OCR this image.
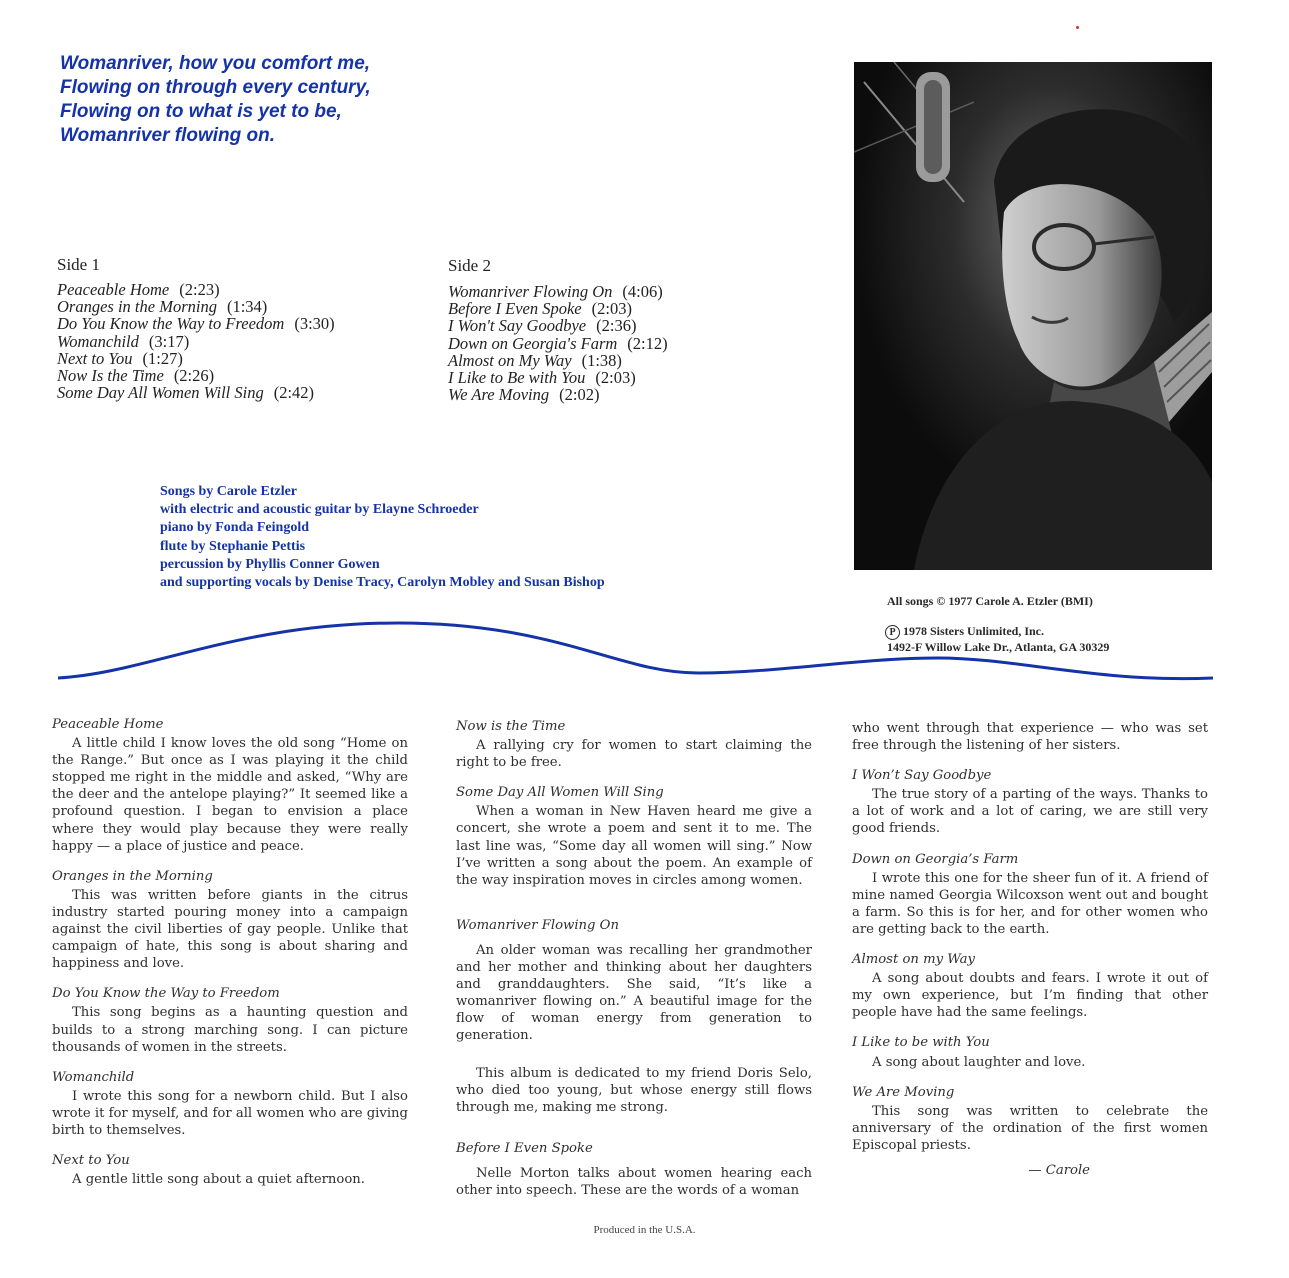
Womanriver, how you comfort me,
Flowing on through every century,
Flowing on to what is yet to be,
Womanriver flowing on.
Side 1
Peaceable Home (2:23)
Oranges in the Morning (1:34)
Do You Know the Way to Freedom (3:30)
Womanchild (3:17)
Next to You (1:27)
Now Is the Time (2:26)
Some Day All Women Will Sing (2:42)
Side 2
Womanriver Flowing On (4:06)
Before I Even Spoke (2:03)
I Won't Say Goodbye (2:36)
Down on Georgia's Farm (2:12)
Almost on My Way (1:38)
I Like to Be with You (2:03)
We Are Moving (2:02)
Songs by Carole Etzler
with electric and acoustic guitar by Elayne Schroeder
piano by Fonda Feingold
flute by Stephanie Pettis
percussion by Phyllis Conner Gowen
and supporting vocals by Denise Tracy, Carolyn Mobley and Susan Bishop
All songs © 1977 Carole A. Etzler (BMI)
P 1978 Sisters Unlimited, Inc.
1492-F Willow Lake Dr., Atlanta, GA 30329
Peaceable Home

A little child I know loves the old song “Home on the Range.” But once as I was playing it the child stopped me right in the middle and asked, “Why are the deer and the antelope playing?” It seemed like a profound question. I began to envision a place where they would play because they were really happy — a place of justice and peace.

Oranges in the Morning

This was written before giants in the citrus industry started pouring money into a campaign against the civil liberties of gay people. Unlike that campaign of hate, this song is about sharing and happiness and love.

Do You Know the Way to Freedom

This song begins as a haunting question and builds to a strong marching song. I can picture thousands of women in the streets.

Womanchild

I wrote this song for a newborn child. But I also wrote it for myself, and for all women who are giving birth to themselves.

Next to You

A gentle little song about a quiet afternoon.

Now is the Time

A rallying cry for women to start claiming the right to be free.

Some Day All Women Will Sing

When a woman in New Haven heard me give a concert, she wrote a poem and sent it to me. The last line was, “Some day all women will sing.” Now I’ve written a song about the poem. An example of the way inspiration moves in circles among women.

Womanriver Flowing On

An older woman was recalling her grandmother and her mother and thinking about her daughters and granddaughters. She said, “It’s like a womanriver flowing on.” A beautiful image for the flow of woman energy from generation to generation.

This album is dedicated to my friend Doris Selo, who died too young, but whose energy still flows through me, making me strong.

Before I Even Spoke

Nelle Morton talks about women hearing each other into speech. These are the words of a woman

who went through that experience — who was set free through the listening of her sisters.

I Won’t Say Goodbye

The true story of a parting of the ways. Thanks to a lot of work and a lot of caring, we are still very good friends.

Down on Georgia’s Farm

I wrote this one for the sheer fun of it. A friend of mine named Georgia Wilcoxson went out and bought a farm. So this is for her, and for other women who are getting back to the earth.

Almost on my Way

A song about doubts and fears. I wrote it out of my own experience, but I’m finding that other people have had the same feelings.

I Like to be with You

A song about laughter and love.

We Are Moving

This song was written to celebrate the anniversary of the ordination of the first women Episcopal priests.

— Carole
Produced in the U.S.A.
